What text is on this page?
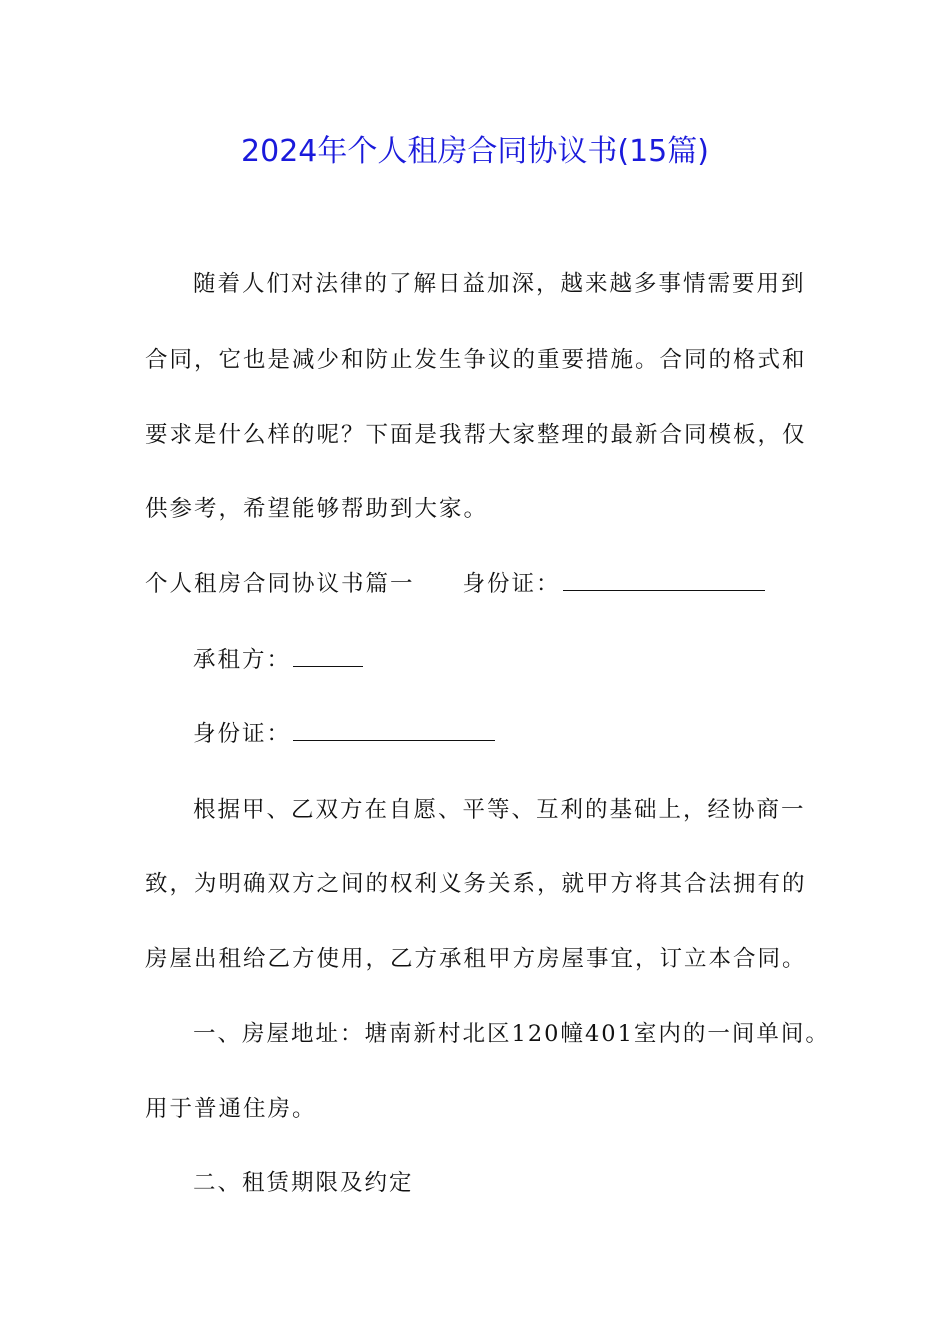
2024年个人租房合同协议书(15篇)
随着人们对法律的了解日益加深，越来越多事情需要用到
合同，它也是减少和防止发生争议的重要措施。合同的格式和
要求是什么样的呢？下面是我帮大家整理的最新合同模板，仅
供参考，希望能够帮助到大家。
个人租房合同协议书篇一 身份证：
承租方：
身份证：
根据甲、乙双方在自愿、平等、互利的基础上，经协商一
致，为明确双方之间的权利义务关系，就甲方将其合法拥有的
房屋出租给乙方使用，乙方承租甲方房屋事宜，订立本合同。
一、房屋地址：塘南新村北区120幢401室内的一间单间。
用于普通住房。
二、租赁期限及约定
